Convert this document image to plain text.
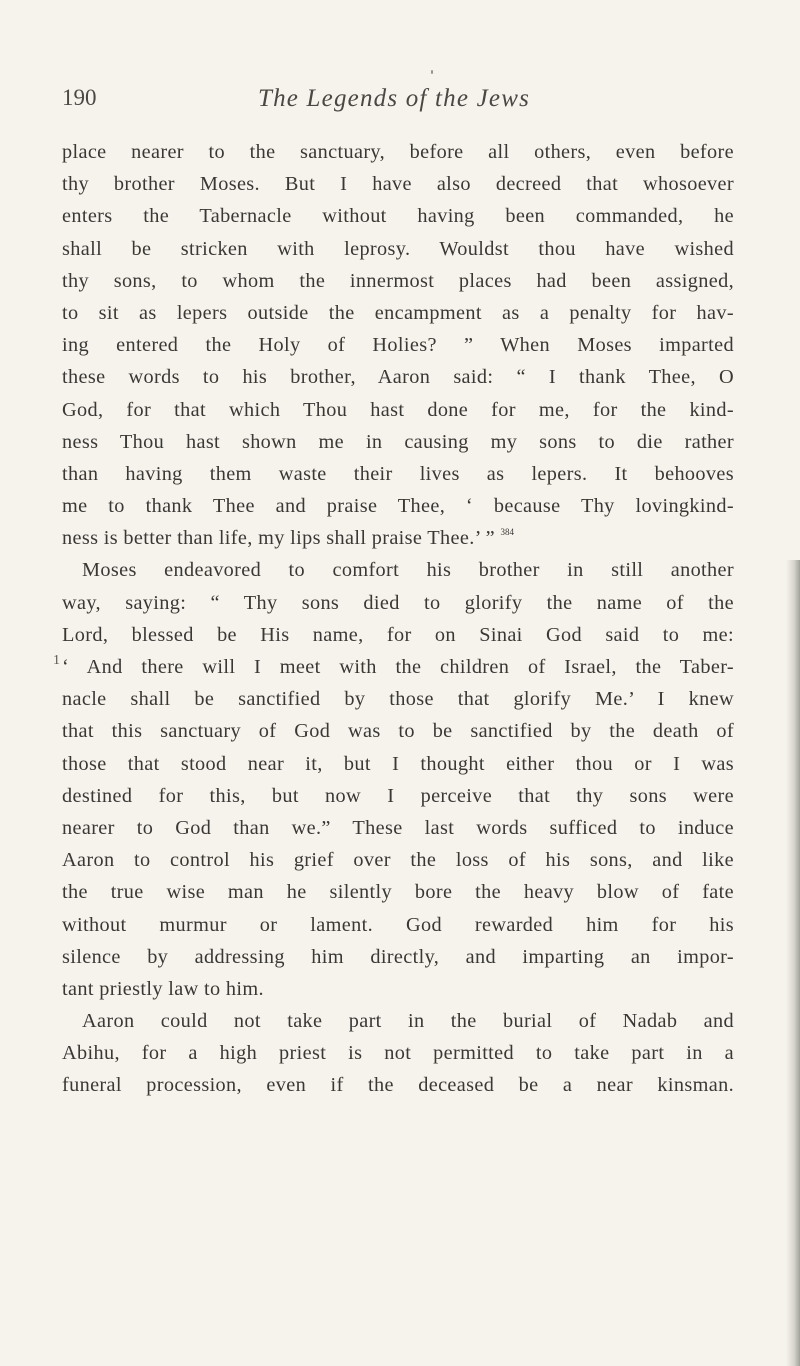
190	The Legends of the Jews
1
place nearer to the sanctuary, before all others, even before
thy brother Moses. But I have also decreed that whosoever
enters the Tabernacle without having been commanded, he
shall be stricken with leprosy. Wouldst thou have wished
thy sons, to whom the innermost places had been assigned,
to sit as lepers outside the encampment as a penalty for hav-
ing entered the Holy of Holies? ” When Moses imparted
these words to his brother, Aaron said: “ I thank Thee, O
God, for that which Thou hast done for me, for the kind-
ness Thou hast shown me in causing my sons to die rather
than having them waste their lives as lepers. It behooves
me to thank Thee and praise Thee, ‘ because Thy lovingkind-
ness is better than life, my lips shall praise Thee.’ ” $^{384}$
Moses endeavored to comfort his brother in still another
way, saying: “ Thy sons died to glorify the name of the
Lord, blessed be His name, for on Sinai God said to me:
‘ And there will I meet with the children of Israel, the Taber-
nacle shall be sanctified by those that glorify Me.’ I knew
that this sanctuary of God was to be sanctified by the death of
those that stood near it, but I thought either thou or I was
destined for this, but now I perceive that thy sons were
nearer to God than we.” These last words sufficed to induce
Aaron to control his grief over the loss of his sons, and like
the true wise man he silently bore the heavy blow of fate
without murmur or lament. God rewarded him for his
silence by addressing him directly, and imparting an impor-
tant priestly law to him.
Aaron could not take part in the burial of Nadab and
Abihu, for a high priest is not permitted to take part in a
funeral procession, even if the deceased be a near kinsman.
